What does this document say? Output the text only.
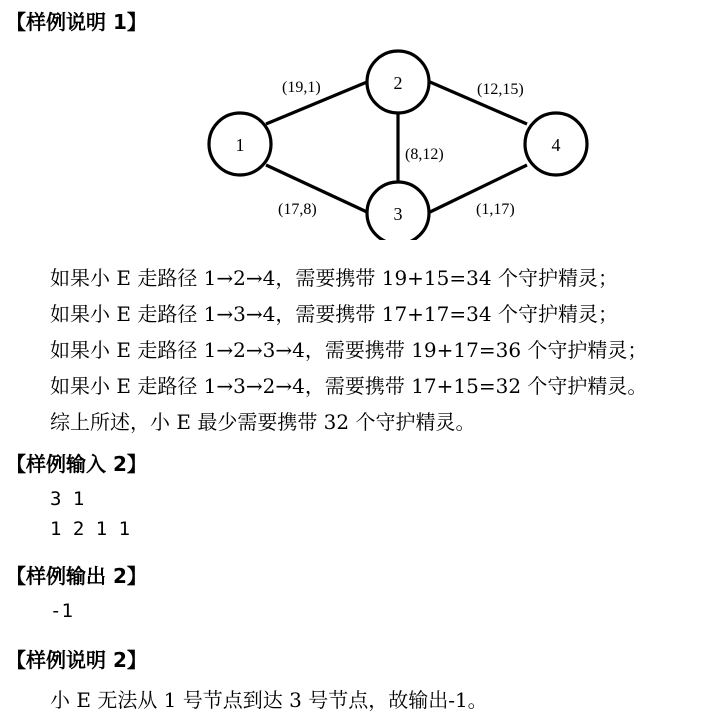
【样例说明 1】
1
2
3
4
(19,1)	(12,15)
(8,12)
(17,8)	(1,17)
如果小 E 走路径 1→2→4，需要携带 19+15=34 个守护精灵；
如果小 E 走路径 1→3→4，需要携带 17+17=34 个守护精灵；
如果小 E 走路径 1→2→3→4，需要携带 19+17=36 个守护精灵；
如果小 E 走路径 1→3→2→4，需要携带 17+15=32 个守护精灵。
综上所述，小 E 最少需要携带 32 个守护精灵。
【样例输入 2】
3 1
1 2 1 1
【样例输出 2】
-1
【样例说明 2】
小 E 无法从 1 号节点到达 3 号节点，故输出-1。
